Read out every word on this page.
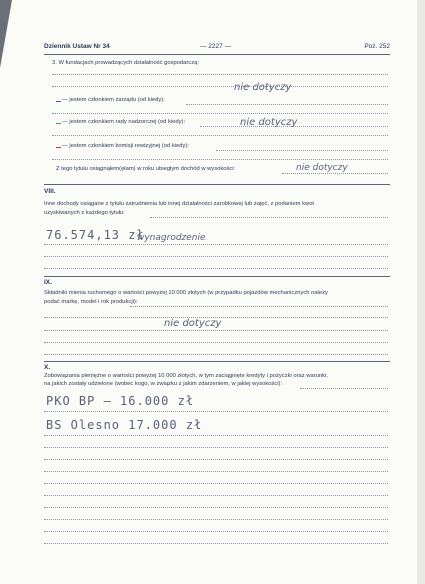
Dziennik Ustaw Nr 34	— 2227 —	Poz. 252
3. W fundacjach prowadzących działalność gospodarczą:
— jestem członkiem zarządu (od kiedy):
nie dotyczy
— jestem członkiem rady nadzorczej (od kiedy):	nie dotyczy
— jestem członkiem komisji rewizyjnej (od kiedy):
Z tego tytułu osiągnąłem(ęłam) w roku ubiegłym dochód w wysokości:	nie dotyczy
VIII.
Inne dochody osiągane z tytułu zatrudnienia lub innej działalności zarobkowej lub zajęć, z podaniem kwot
uzyskiwanych z każdego tytułu:
76.574,13 zł
wynagrodzenie
IX.
Składniki mienia ruchomego o wartości powyżej 10 000 złotych (w przypadku pojazdów mechanicznych należy
podać markę, model i rok produkcji):
nie dotyczy
X.
Zobowiązania pieniężne o wartości powyżej 10 000 złotych, w tym zaciągnięte kredyty i pożyczki oraz warunki,
na jakich zostały udzielone (wobec kogo, w związku z jakim zdarzeniem, w jakiej wysokości):
PKO BP — 16.000 zł
BS Olesno 17.000 zł
